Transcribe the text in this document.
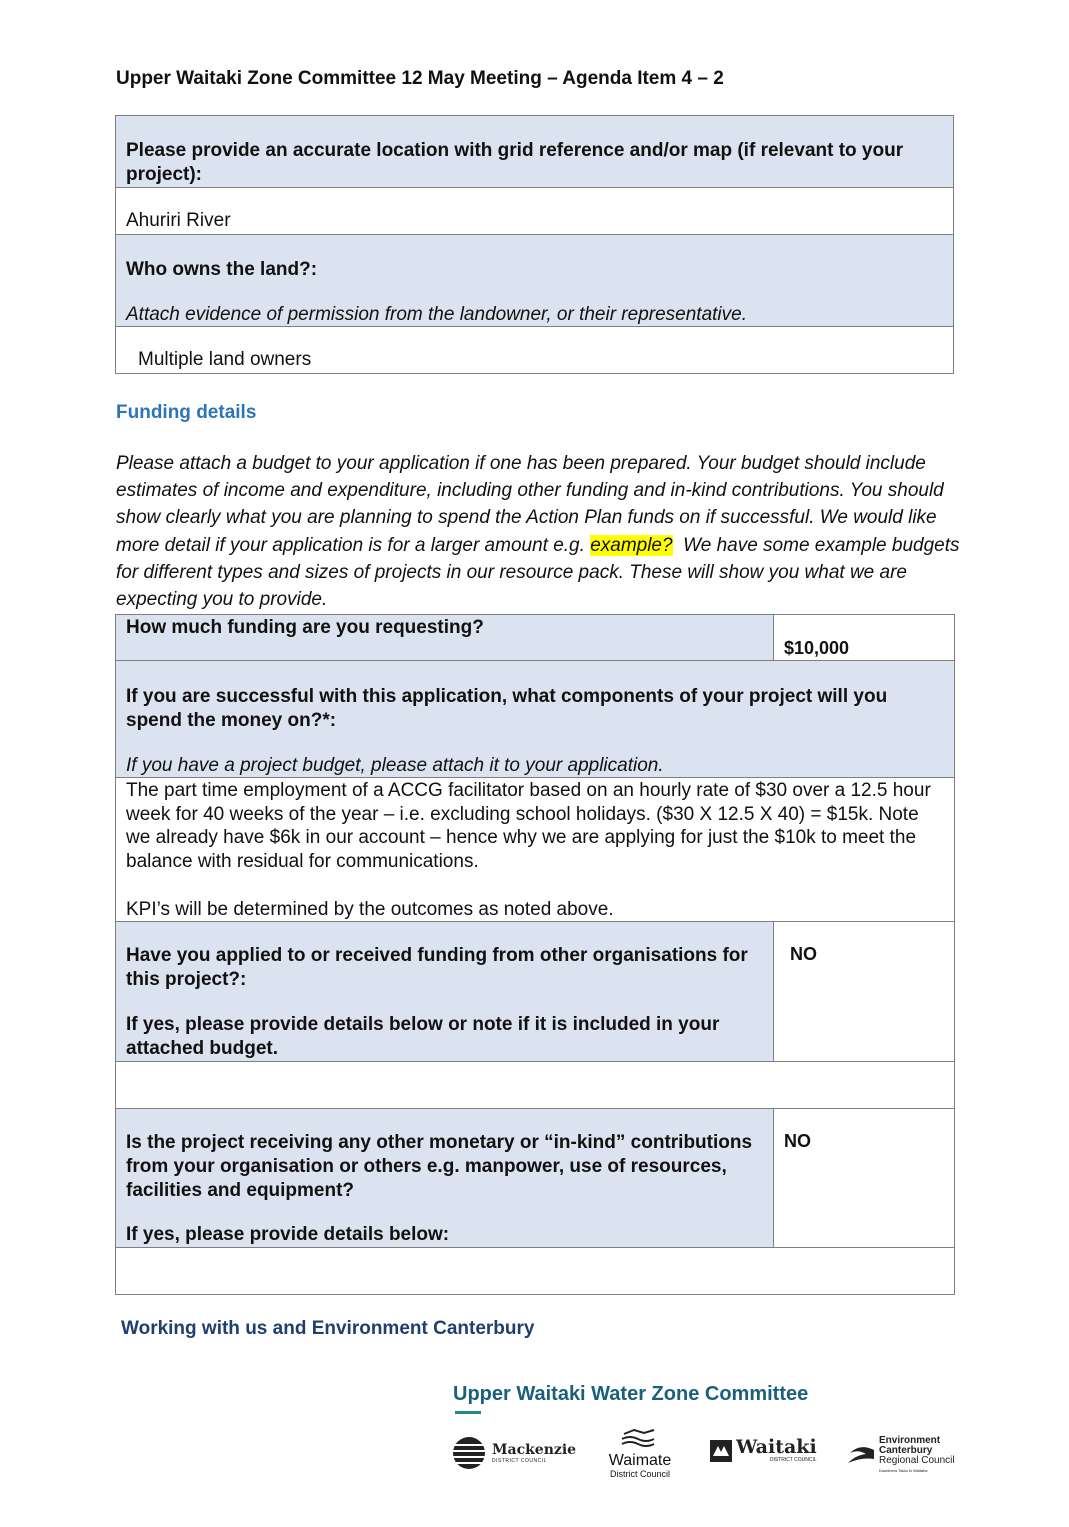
Upper Waitaki Zone Committee 12 May Meeting – Agenda Item 4 – 2
Please provide an accurate location with grid reference and/or map (if relevant to your project):

Ahuriri River

Who owns the land?:
Attach evidence of permission from the landowner, or their representative.

Multiple land owners
Funding details
Please attach a budget to your application if one has been prepared. Your budget should include estimates of income and expenditure, including other funding and in-kind contributions. You should show clearly what you are planning to spend the Action Plan funds on if successful. We would like more detail if your application is for a larger amount e.g. example? We have some example budgets for different types and sizes of projects in our resource pack. These will show you what we are expecting you to provide.
How much funding are you requesting?	$10,000

If you are successful with this application, what components of your project will you spend the money on?*:
If you have a project budget, please attach it to your application.	

The part time employment of a ACCG facilitator based on an hourly rate of $30 over a 12.5 hour week for 40 weeks of the year – i.e. excluding school holidays. ($30 X 12.5 X 40) = $15k. Note we already have $6k in our account – hence why we are applying for just the $10k to meet the balance with residual for communications.
KPI’s will be determined by the outcomes as noted above.	

Have you applied to or received funding from other organisations for this project?:
If yes, please provide details below or note if it is included in your attached budget.	NO

Is the project receiving any other monetary or “in-kind” contributions from your organisation or others e.g. manpower, use of resources, facilities and equipment?
If yes, please provide details below:	NO

Working with us and Environment Canterbury
Upper Waitaki Water Zone Committee
Mackenzie
DISTRICT COUNCIL	Waimate
District Council
Waitaki
DISTRICT COUNCIL
Environment
Canterbury
Regional Council
Kaunihera Taiao ki Waitaha
